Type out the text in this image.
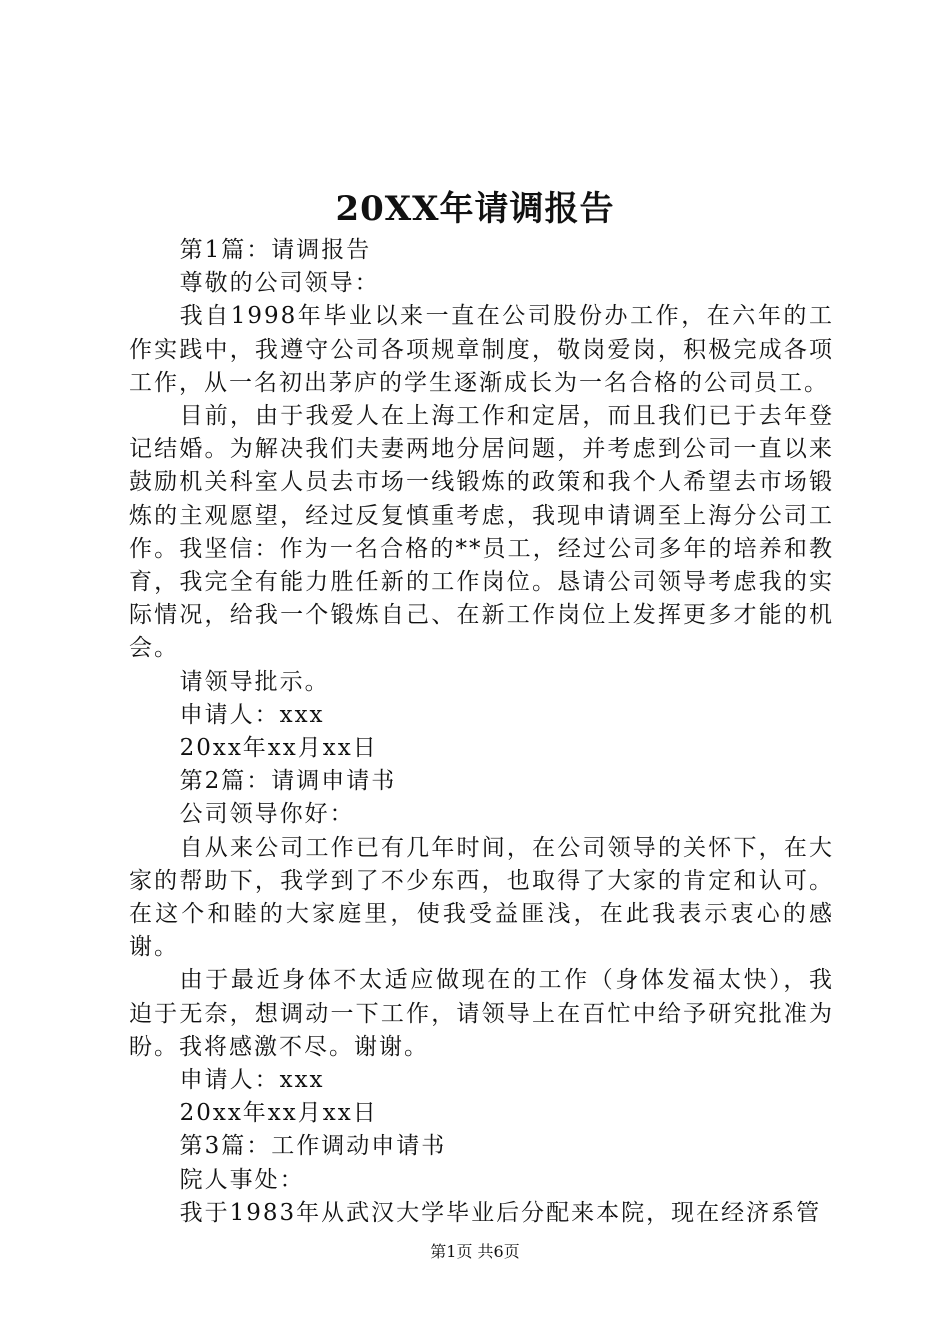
20XX年请调报告

第1篇：请调报告

尊敬的公司领导：

我自1998年毕业以来一直在公司股份办工作，在六年的工作实践中，我遵守公司各项规章制度，敬岗爱岗，积极完成各项工作，从一名初出茅庐的学生逐渐成长为一名合格的公司员工。

目前，由于我爱人在上海工作和定居，而且我们已于去年登记结婚。为解决我们夫妻两地分居问题，并考虑到公司一直以来鼓励机关科室人员去市场一线锻炼的政策和我个人希望去市场锻炼的主观愿望，经过反复慎重考虑，我现申请调至上海分公司工作。我坚信：作为一名合格的**员工，经过公司多年的培养和教育，我完全有能力胜任新的工作岗位。恳请公司领导考虑我的实际情况，给我一个锻炼自己、在新工作岗位上发挥更多才能的机会。

请领导批示。

申请人：xxx

20xx年xx月xx日

第2篇：请调申请书

公司领导你好：

自从来公司工作已有几年时间，在公司领导的关怀下，在大家的帮助下，我学到了不少东西，也取得了大家的肯定和认可。在这个和睦的大家庭里，使我受益匪浅，在此我表示衷心的感谢。

由于最近身体不太适应做现在的工作（身体发福太快），我迫于无奈，想调动一下工作，请领导上在百忙中给予研究批准为盼。我将感激不尽。谢谢。

申请人：xxx

20xx年xx月xx日

第3篇：工作调动申请书

院人事处：

我于1983年从武汉大学毕业后分配来本院，现在经济系管

第1页 共6页
